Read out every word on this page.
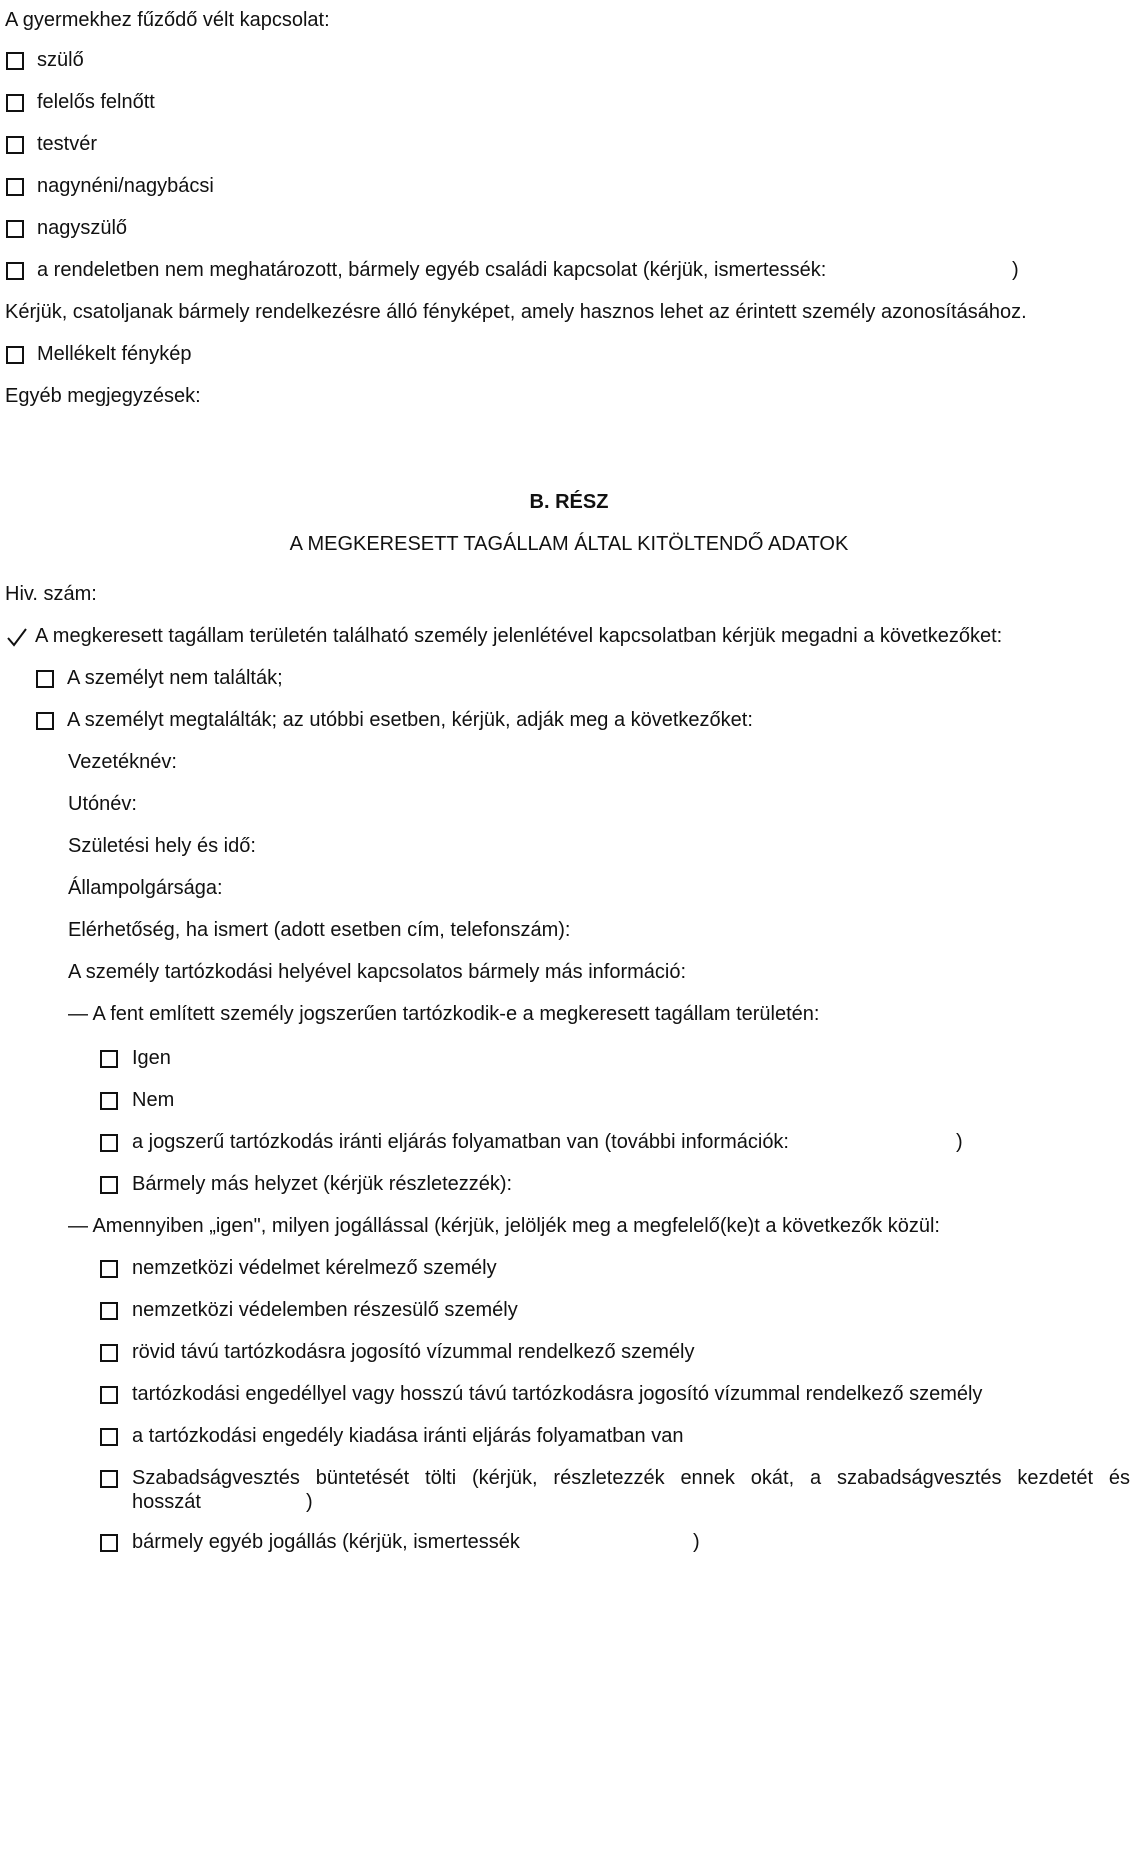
A gyermekhez fűződő vélt kapcsolat:
szülő
felelős felnőtt
testvér
nagynéni/nagybácsi
nagyszülő
a rendeletben nem meghatározott, bármely egyéb családi kapcsolat (kérjük, ismertessék:	)
Kérjük, csatoljanak bármely rendelkezésre álló fényképet, amely hasznos lehet az érintett személy azonosításához.
Mellékelt fénykép
Egyéb megjegyzések:
B. RÉSZ
A MEGKERESETT TAGÁLLAM ÁLTAL KITÖLTENDŐ ADATOK
Hiv. szám:
A megkeresett tagállam területén található személy jelenlétével kapcsolatban kérjük megadni a következőket:
A személyt nem találták;
A személyt megtalálták; az utóbbi esetben, kérjük, adják meg a következőket:
Vezetéknév:
Utónév:
Születési hely és idő:
Állampolgársága:
Elérhetőség, ha ismert (adott esetben cím, telefonszám):
A személy tartózkodási helyével kapcsolatos bármely más információ:
— A fent említett személy jogszerűen tartózkodik-e a megkeresett tagállam területén:
Igen
Nem
a jogszerű tartózkodás iránti eljárás folyamatban van (további információk:	)
Bármely más helyzet (kérjük részletezzék):
— Amennyiben „igen", milyen jogállással (kérjük, jelöljék meg a megfelelő(ke)t a következők közül:
nemzetközi védelmet kérelmező személy
nemzetközi védelemben részesülő személy
rövid távú tartózkodásra jogosító vízummal rendelkező személy
tartózkodási engedéllyel vagy hosszú távú tartózkodásra jogosító vízummal rendelkező személy
a tartózkodási engedély kiadása iránti eljárás folyamatban van
Szabadságvesztés büntetését tölti (kérjük, részletezzék ennek okát, a szabadságvesztés kezdetét és
hosszát	)
bármely egyéb jogállás (kérjük, ismertessék	)
